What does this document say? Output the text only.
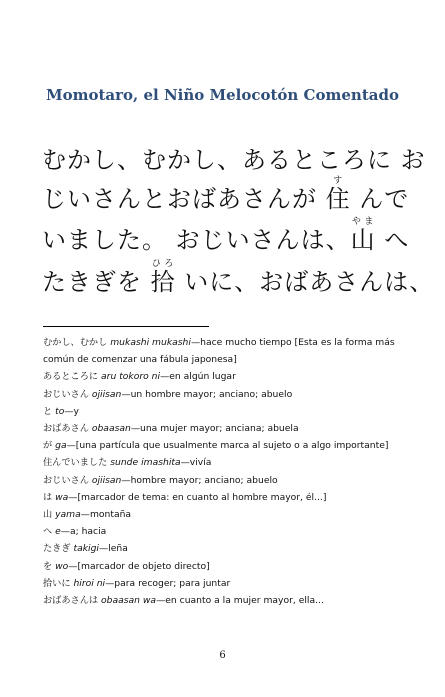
Momotaro, el Niño Melocotón Comentado
むかし、むかし、あるところに お
じいさんとおばあさんが 住す んで
いました。 おじいさんは、山やま へ
たきぎを 拾ひろ いに、おばあさんは、

むかし、むかし mukashi mukashi—hace mucho tiempo [Esta es la forma más común de comenzar una fábula japonesa]

あるところに aru tokoro ni—en algún lugar

おじいさん ojiisan—un hombre mayor; anciano; abuelo

と to—y

おばあさん obaasan—una mujer mayor; anciana; abuela

が ga—[una partícula que usualmente marca al sujeto o a algo importante]

住んでいました sunde imashita—vivía

おじいさん ojiisan—hombre mayor; anciano; abuelo

は wa—[marcador de tema: en cuanto al hombre mayor, él...]

山 yama—montaña

へ e—a; hacia

たきぎ takigi—leña

を wo—[marcador de objeto directo]

拾いに hiroi ni—para recoger; para juntar

おばあさんは obaasan wa—en cuanto a la mujer mayor, ella...

6
